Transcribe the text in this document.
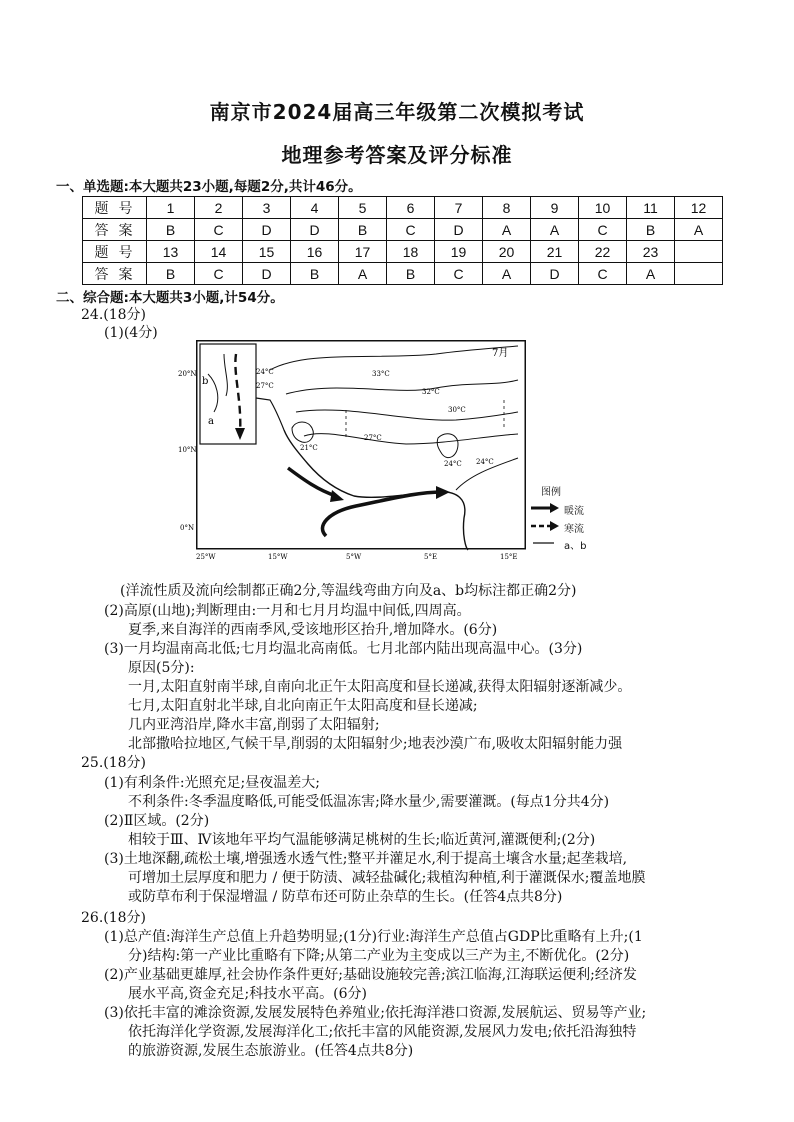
南京市2024届高三年级第二次模拟考试
地理参考答案及评分标准
一、单选题:本大题共23小题,每题2分,共计46分。
题号	1	2	3	4	5	6	7	8	9	10	11	12
答案	B	C	D	D	B	C	D	A	A	C	B	A
题号	13	14	15	16	17	18	19	20	21	22	23	
答案	B	C	D	B	A	B	C	A	D	C	A	
二、综合题:本大题共3小题,计54分。
24.(18分)
(1)(4分)
b
a
33°C
32°C
30°C
27°C
24°C
21°C
24°C
27°C
24°C
7月
20°N
10°N
0°N
25°W	15°W	5°W	5°E	15°E
图例
暖流
寒流
a、b
(洋流性质及流向绘制都正确2分,等温线弯曲方向及a、b均标注都正确2分)
(2)高原(山地);判断理由:一月和七月月均温中间低,四周高。
夏季,来自海洋的西南季风,受该地形区抬升,增加降水。(6分)
(3)一月均温南高北低;七月均温北高南低。七月北部内陆出现高温中心。(3分)
原因(5分):
一月,太阳直射南半球,自南向北正午太阳高度和昼长递减,获得太阳辐射逐渐减少。
七月,太阳直射北半球,自北向南正午太阳高度和昼长递减;
几内亚湾沿岸,降水丰富,削弱了太阳辐射;
北部撒哈拉地区,气候干旱,削弱的太阳辐射少;地表沙漠广布,吸收太阳辐射能力强
25.(18分)
(1)有利条件:光照充足;昼夜温差大;
不利条件:冬季温度略低,可能受低温冻害;降水量少,需要灌溉。(每点1分共4分)
(2)Ⅱ区域。(2分)
相较于Ⅲ、Ⅳ该地年平均气温能够满足桃树的生长;临近黄河,灌溉便利;(2分)
(3)土地深翻,疏松土壤,增强透水透气性;整平并灌足水,利于提高土壤含水量;起垄栽培,
可增加土层厚度和肥力 / 便于防渍、减轻盐碱化;栽植沟种植,利于灌溉保水;覆盖地膜
或防草布利于保湿增温 / 防草布还可防止杂草的生长。(任答4点共8分)
26.(18分)
(1)总产值:海洋生产总值上升趋势明显;(1分)行业:海洋生产总值占GDP比重略有上升;(1
分)结构:第一产业比重略有下降;从第二产业为主变成以三产为主,不断优化。(2分)
(2)产业基础更雄厚,社会协作条件更好;基础设施较完善;滨江临海,江海联运便利;经济发
展水平高,资金充足;科技水平高。(6分)
(3)依托丰富的滩涂资源,发展发展特色养殖业;依托海洋港口资源,发展航运、贸易等产业;
依托海洋化学资源,发展海洋化工;依托丰富的风能资源,发展风力发电;依托沿海独特
的旅游资源,发展生态旅游业。(任答4点共8分)
